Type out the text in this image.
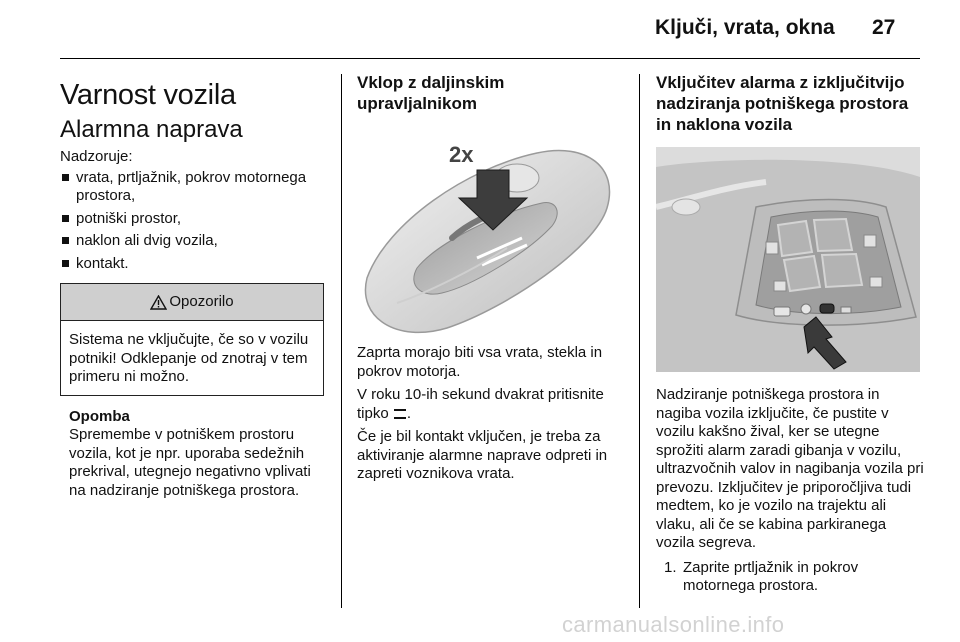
Ključi, vrata, okna 27
Varnost vozila
Alarmna naprava

Nadzoruje:

vrata, prtljažnik, pokrov motornega prostora,
potniški prostor,
naklon ali dvig vozila,
kontakt.
Opozorilo
Sistema ne vključujte, če so v vozilu potniki! Odklepanje od znotraj v tem primeru ni možno.
Opomba
Spremembe v potniškem prostoru vozila, kot je npr. uporaba sedežnih prekrival, utegnejo negativno vplivati na nadziranje potniškega prostora.
Vklop z daljinskim upravljalnikom
2x

Zaprta morajo biti vsa vrata, stekla in pokrov motorja.

V roku 10-ih sekund dvakrat pritisnite tipko .

Če je bil kontakt vključen, je treba za aktiviranje alarmne naprave odpreti in zapreti voznikova vrata.

Vključitev alarma z izključitvijo nadziranja potniškega prostora in naklona vozila

Nadziranje potniškega prostora in nagiba vozila izključite, če pustite v vozilu kakšno žival, ker se utegne sprožiti alarm zaradi gibanja v vozilu, ultrazvočnih valov in nagibanja vozila pri prevozu. Izključitev je priporočljiva tudi medtem, ko je vozilo na trajektu ali vlaku, ali če se kabina parkiranega vozila segreva.

1. Zaprite prtljažnik in pokrov motornega prostora.
carmanualsonline.info
